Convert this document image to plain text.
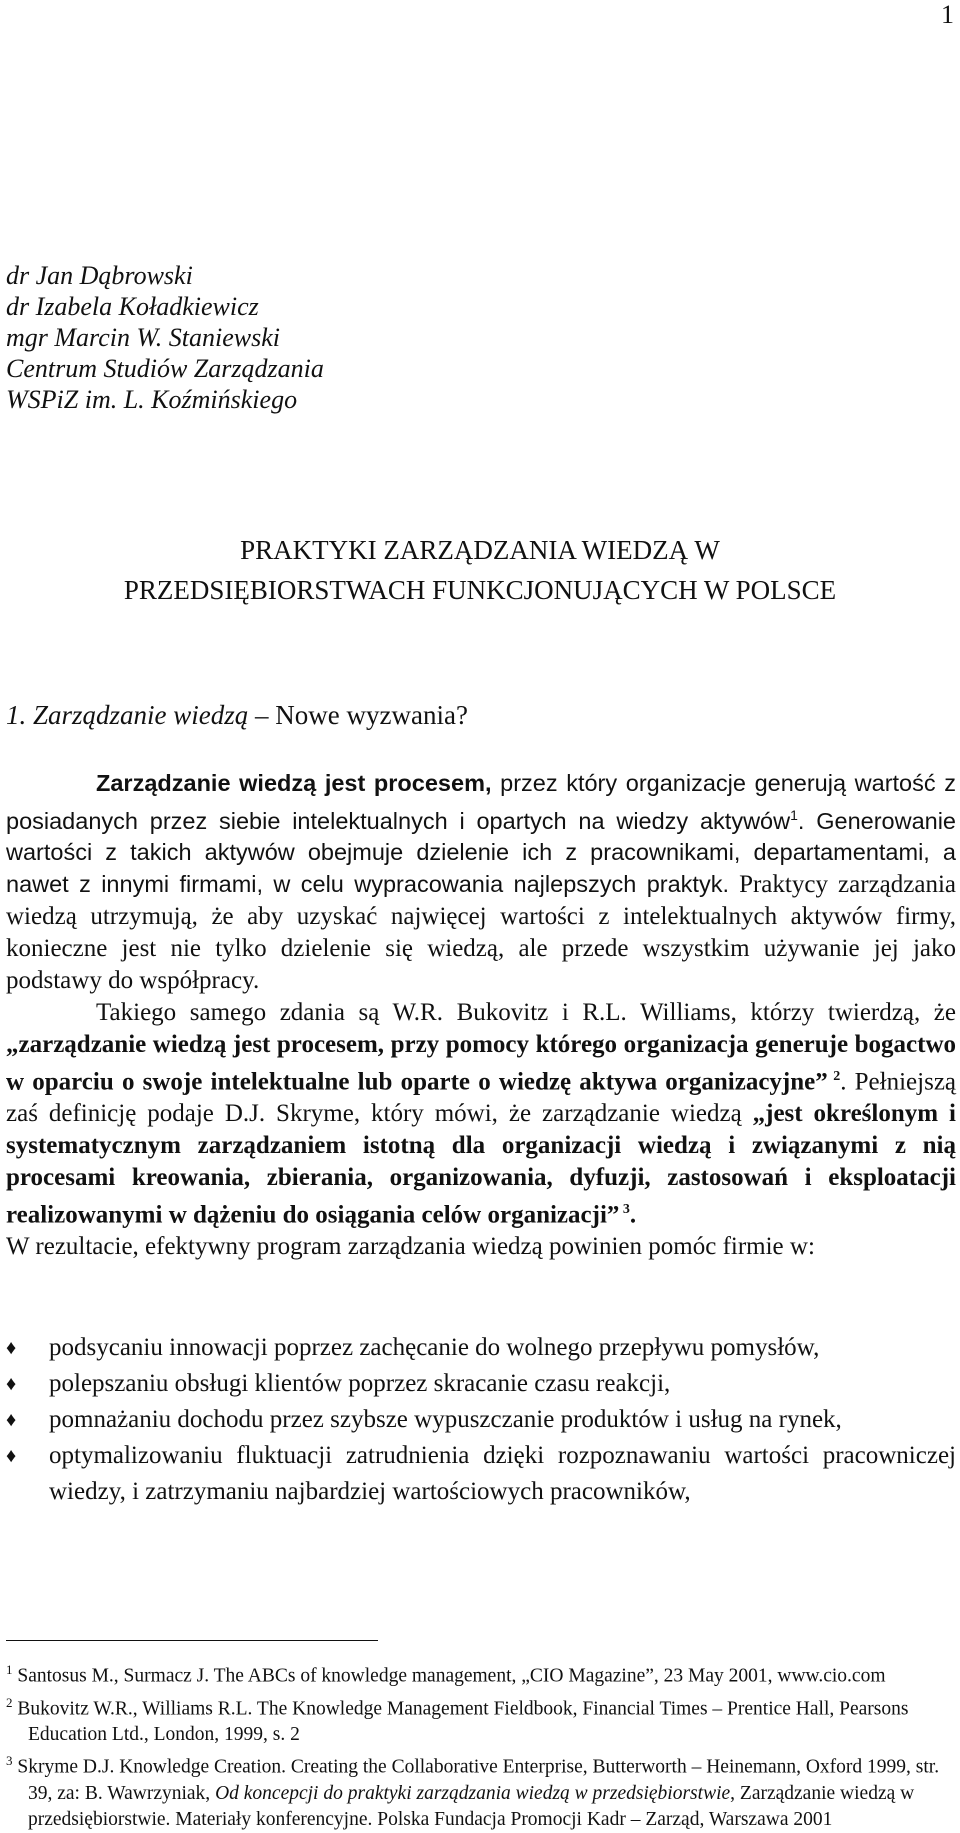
1
dr Jan Dąbrowski
dr Izabela Koładkiewicz
mgr Marcin W. Staniewski
Centrum Studiów Zarządzania
WSPiZ im. L. Koźmińskiego
PRAKTYKI ZARZĄDZANIA WIEDZĄ W
PRZEDSIĘBIORSTWACH FUNKCJONUJĄCYCH W POLSCE
1. Zarządzanie wiedzą – Nowe wyzwania?
Zarządzanie wiedzą jest procesem, przez który organizacje generują wartość z posiadanych przez siebie intelektualnych i opartych na wiedzy aktywów$^1$. Generowanie wartości z takich aktywów obejmuje dzielenie ich z pracownikami, departamentami, a nawet z innymi firmami, w celu wypracowania najlepszych praktyk. Praktycy zarządzania wiedzą utrzymują, że aby uzyskać najwięcej wartości z intelektualnych aktywów firmy, konieczne jest nie tylko dzielenie się wiedzą, ale przede wszystkim używanie jej jako podstawy do współpracy.
Takiego samego zdania są W.R. Bukovitz i R.L. Williams, którzy twierdzą, że „zarządzanie wiedzą jest procesem, przy pomocy którego organizacja generuje bogactwo w oparciu o swoje intelektualne lub oparte o wiedzę aktywa organizacyjne” $^2$. Pełniejszą zaś definicję podaje D.J. Skryme, który mówi, że zarządzanie wiedzą „jest określonym i systematycznym zarządzaniem istotną dla organizacji wiedzą i związanymi z nią procesami kreowania, zbierania, organizowania, dyfuzji, zastosowań i eksploatacji realizowanymi w dążeniu do osiągania celów organizacji” $^3$.
W rezultacie, efektywny program zarządzania wiedzą powinien pomóc firmie w:
♦	podsycaniu innowacji poprzez zachęcanie do wolnego przepływu pomysłów,
♦	polepszaniu obsługi klientów poprzez skracanie czasu reakcji,
♦	pomnażaniu dochodu przez szybsze wypuszczanie produktów i usług na rynek,
♦	optymalizowaniu fluktuacji zatrudnienia dzięki rozpoznawaniu wartości pracowniczej wiedzy, i zatrzymaniu najbardziej wartościowych pracowników,
$^1$ Santosus M., Surmacz J. The ABCs of knowledge management, „CIO Magazine”, 23 May 2001, www.cio.com
$^2$ Bukovitz W.R., Williams R.L. The Knowledge Management Fieldbook, Financial Times – Prentice Hall, Pearsons Education Ltd., London, 1999, s. 2
$^3$ Skryme D.J. Knowledge Creation. Creating the Collaborative Enterprise, Butterworth – Heinemann, Oxford 1999, str. 39, za: B. Wawrzyniak, Od koncepcji do praktyki zarządzania wiedzą w przedsiębiorstwie, Zarządzanie wiedzą w przedsiębiorstwie. Materiały konferencyjne. Polska Fundacja Promocji Kadr – Zarząd, Warszawa 2001
